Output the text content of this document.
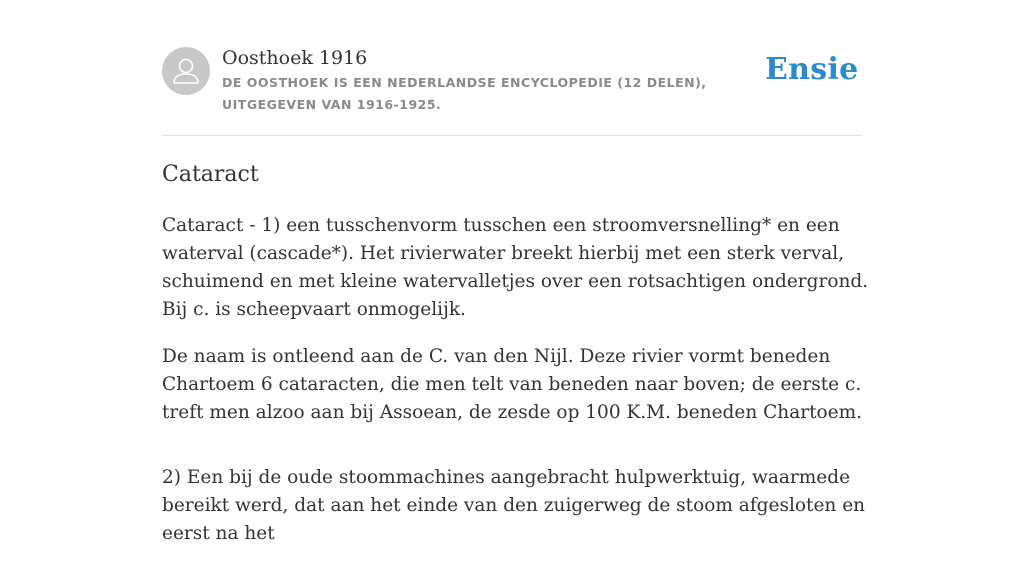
Oosthoek 1916
DE OOSTHOEK IS EEN NEDERLANDSE ENCYCLOPEDIE (12 DELEN), UITGEGEVEN VAN 1916-1925.
Ensie
Cataract

Cataract - 1) een tusschenvorm tusschen een stroomversnelling* en een waterval (cascade*). Het rivierwater breekt hierbij met een sterk verval, schuimend en met kleine watervalletjes over een rotsachtigen ondergrond. Bij c. is scheepvaart onmogelijk.

De naam is ontleend aan de C. van den Nijl. Deze rivier vormt beneden Chartoem 6 cataracten, die men telt van beneden naar boven; de eerste c. treft men alzoo aan bij Assoean, de zesde op 100 K.M. beneden Chartoem.

2) Een bij de oude stoommachines aangebracht hulpwerktuig, waarmede bereikt werd, dat aan het einde van den zuigerweg de stoom afgesloten en eerst na het
